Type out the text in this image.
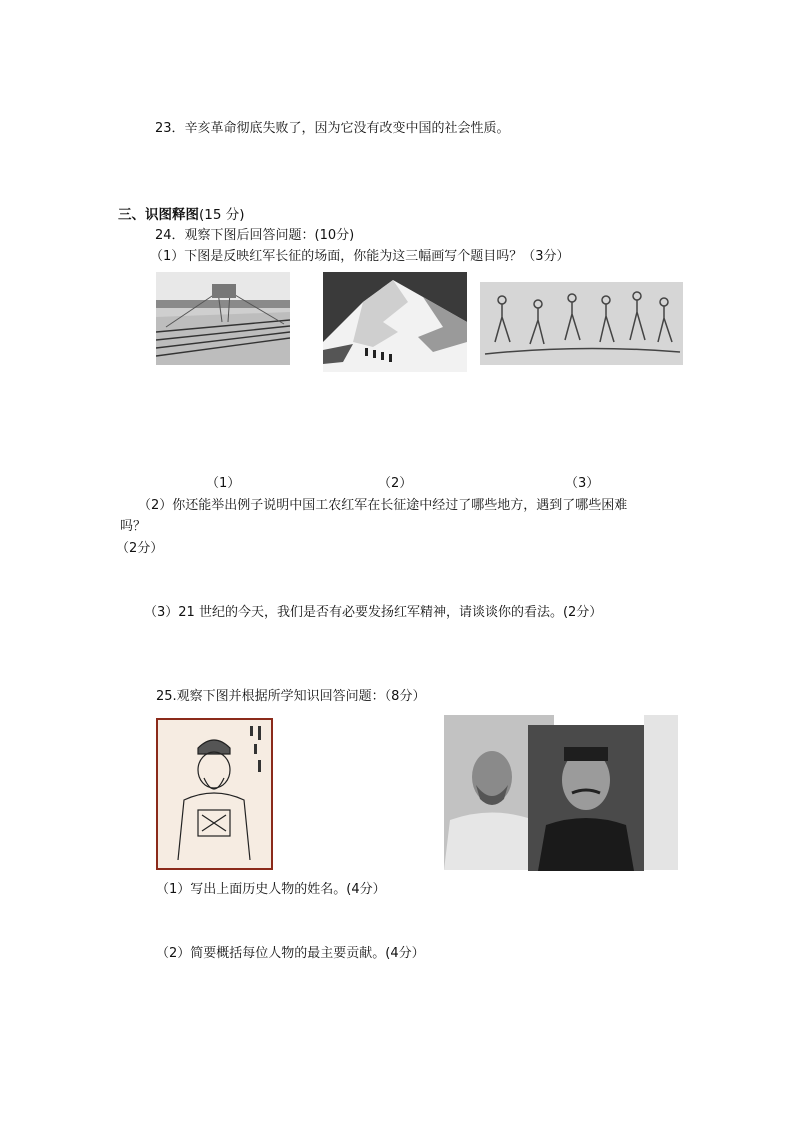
23．辛亥革命彻底失败了，因为它没有改变中国的社会性质。
三、识图释图(15 分)
24．观察下图后回答问题：(10分)
（1）下图是反映红军长征的场面，你能为这三幅画写个题目吗？（3分）
（1）	（2）	（3）
（2）你还能举出例子说明中国工农红军在长征途中经过了哪些地方，遇到了哪些困难
吗？
（2分）
（3）21 世纪的今天，我们是否有必要发扬红军精神，请谈谈你的看法。(2分）
25.观察下图并根据所学知识回答问题：（8分）
（1）写出上面历史人物的姓名。(4分）
（2）简要概括每位人物的最主要贡献。(4分）
